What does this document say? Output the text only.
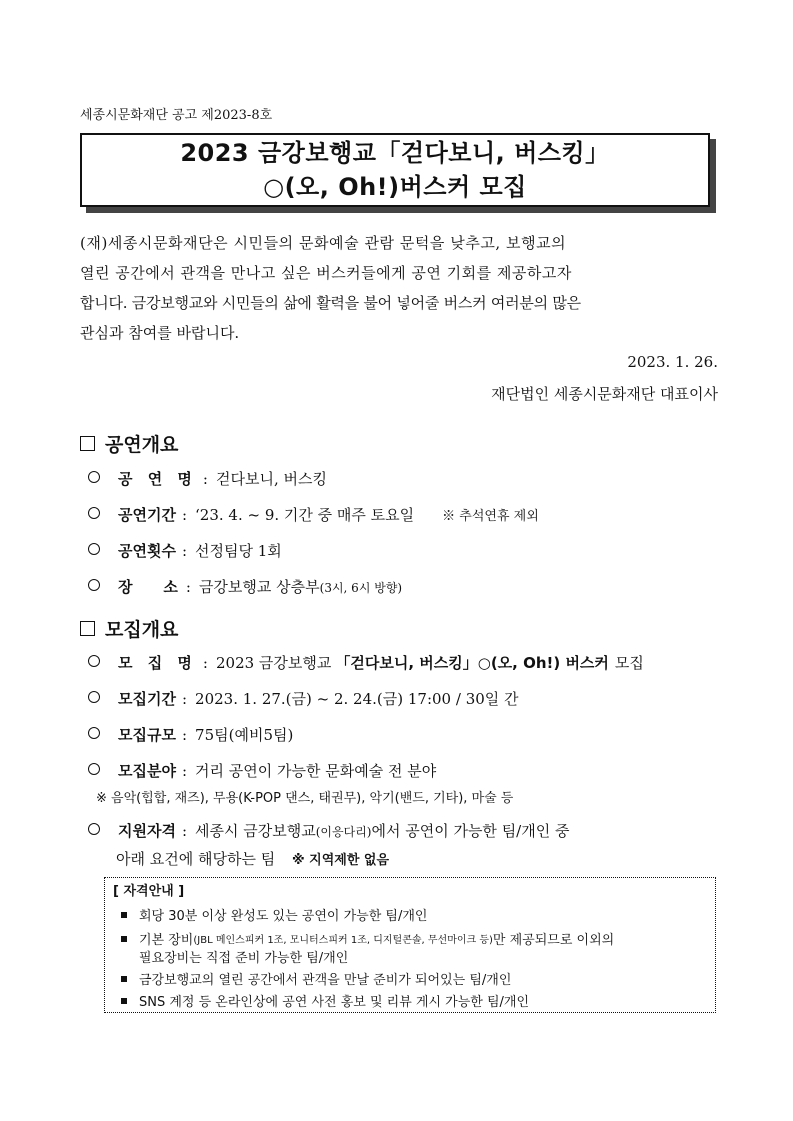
세종시문화재단 공고 제2023-8호
2023 금강보행교「걷다보니, 버스킹」
○(오, Oh!)버스커 모집
(재)세종시문화재단은 시민들의 문화예술 관람 문턱을 낮추고, 보행교의
열린 공간에서 관객을 만나고 싶은 버스커들에게 공연 기회를 제공하고자
합니다. 금강보행교와 시민들의 삶에 활력을 불어 넣어줄 버스커 여러분의 많은
관심과 참여를 바랍니다.
2023. 1. 26.
재단법인 세종시문화재단 대표이사
공연개요
공 연 명 : 걷다보니, 버스킹
공연기간 : ‘23. 4. ~ 9. 기간 중 매주 토요일 ※ 추석연휴 제외
공연횟수 : 선정팀당 1회
장    소 : 금강보행교 상층부 (3시, 6시 방향)
모집개요
모 집 명 : 2023 금강보행교 「걷다보니, 버스킹」○(오, Oh!) 버스커 모집
모집기간 : 2023. 1. 27.(금) ~ 2. 24.(금) 17:00 / 30일 간
모집규모 : 75팀(예비5팀)
모집분야 : 거리 공연이 가능한 문화예술 전 분야
※ 음악(힙합, 재즈), 무용(K-POP 댄스, 태권무), 악기(밴드, 기타), 마술 등
지원자격 : 세종시 금강보행교 (이응다리) 에서 공연이 가능한 팀/개인 중
아래 요건에 해당하는 팀 ※ 지역제한 없음
[ 자격안내 ]
회당 30분 이상 완성도 있는 공연이 가능한 팀/개인
기본 장비 (JBL 메인스피커 1조, 모니터스피커 1조, 디지털콘솔, 무선마이크 등) 만 제공되므로 이외의
필요장비는 직접 준비 가능한 팀/개인
금강보행교의 열린 공간에서 관객을 만날 준비가 되어있는 팀/개인
SNS 계정 등 온라인상에 공연 사전 홍보 및 리뷰 게시 가능한 팀/개인
